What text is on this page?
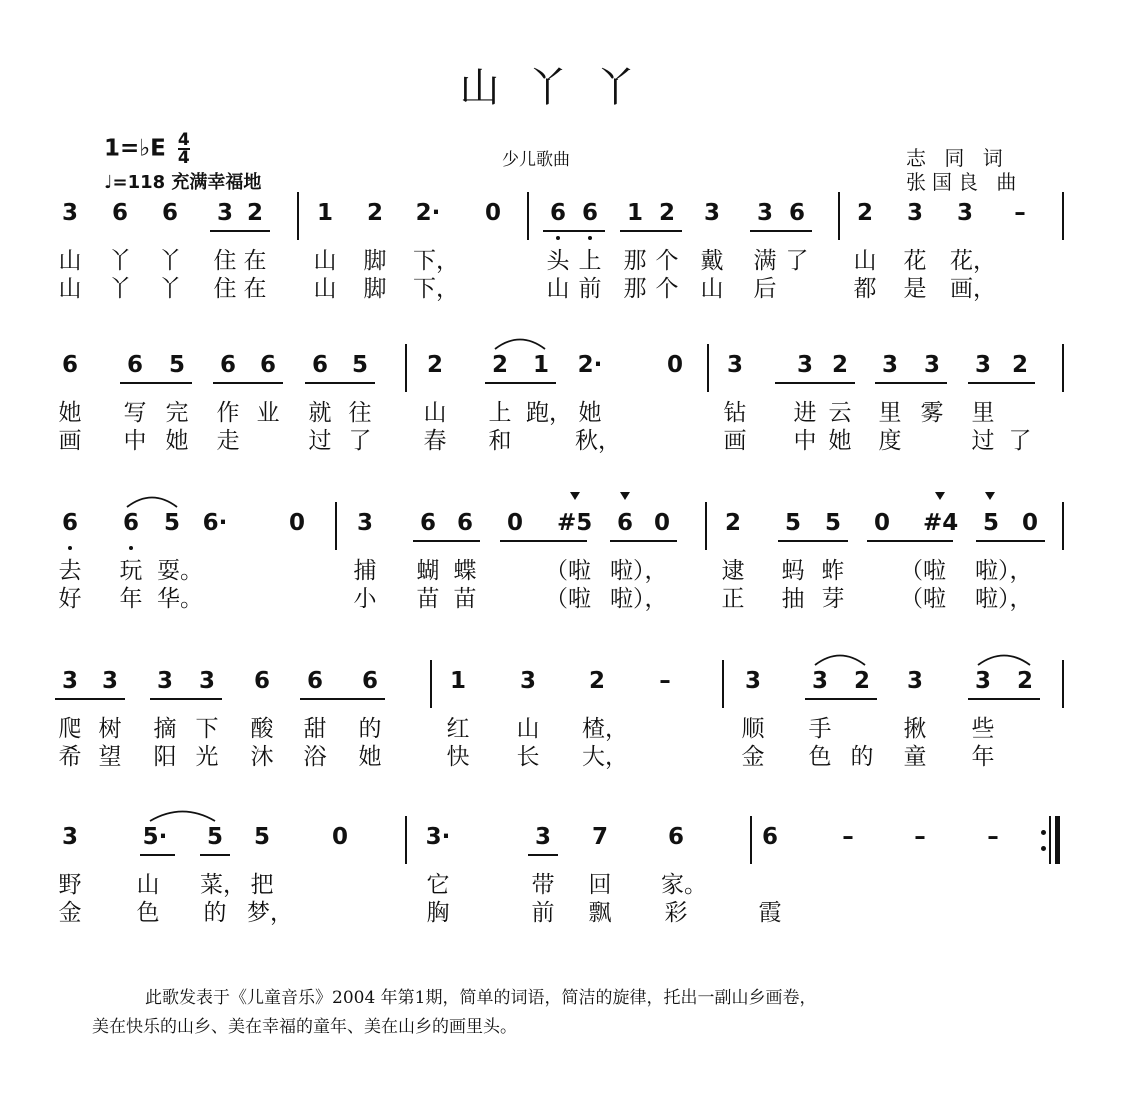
山丫丫
1=♭E $\frac{4}{4}$
♩=118 充满幸福地
少儿歌曲	志 同 词
张国良 曲
3	6	6	3 2	1	2	2·	0	6 6	1 2	3	3 6	2	3	3	–
山 丫 丫 住 在 山 脚 下，	头 上 那 个 戴 满 了 山 花 花，
山 丫 丫 住 在 山 脚 下，	山 前 那 个 山 后	都 是 画，
6	6	5	6	6	6	5	2	2	1	2·	0	3	3 2	3	3	3 2
她 写 完 作 业 就 往 山 上 跑， 她	钻 进 云 里 雾 里
画 中 她 走	过 了 春 和	秋，	画 中 她 度	过 了
6	6	5 6·	0	3	6 6	0	#5	6 0	2	5	5	0	#4	5 0
去 玩 耍。	捕 蝴 蝶	（啦 啦）， 逮 蚂 蚱 （啦 啦），
好 年 华。	小 苗 苗	（啦 啦）， 正 抽 芽 （啦 啦），
3	3	3	3	6	6	6	1	3	2	–	3	3	2	3	3	2
爬 树 摘 下 酸 甜 的	红 山 楂，	顺 手	揪 些
希 望 阳 光 沐 浴 她	快 长 大，	金 色 的 童 年
3	5·	5	5	0	3·	3	7	6	6	–	–	–
野 山 菜， 把	它	带 回 家。
金 色 的 梦，	胸	前 飘 彩	霞
此歌发表于《儿童音乐》2004 年第1期，简单的词语，简洁的旋律，托出一副山乡画卷，
美在快乐的山乡、美在幸福的童年、美在山乡的画里头。
